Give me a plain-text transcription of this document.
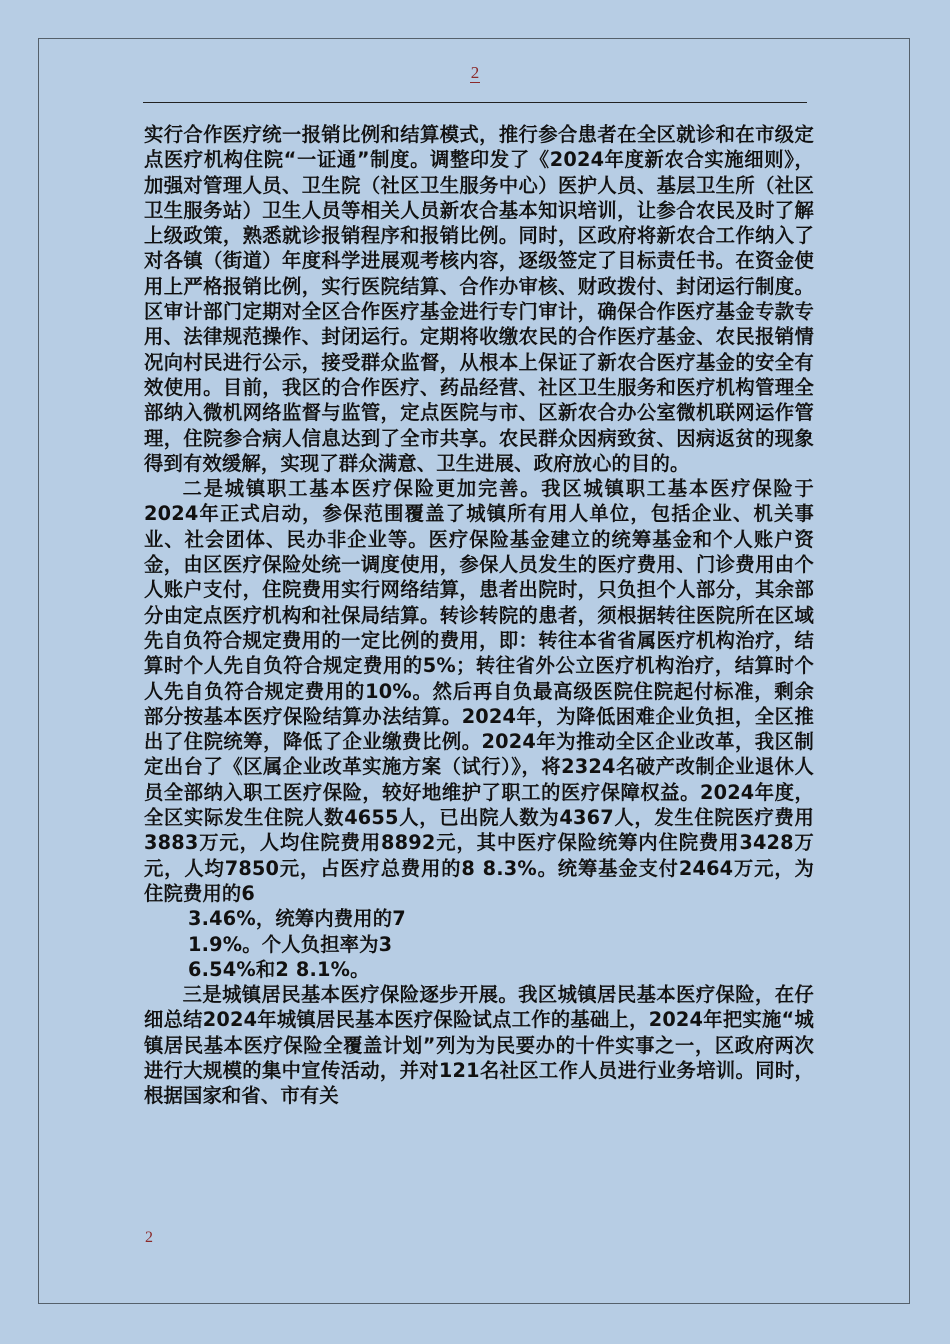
2

实行合作医疗统一报销比例和结算模式，推行参合患者在全区就诊和在市级定点医疗机构住院“一证通”制度。调整印发了《2024年度新农合实施细则》，加强对管理人员、卫生院（社区卫生服务中心）医护人员、基层卫生所（社区卫生服务站）卫生人员等相关人员新农合基本知识培训，让参合农民及时了解上级政策，熟悉就诊报销程序和报销比例。同时，区政府将新农合工作纳入了对各镇（街道）年度科学进展观考核内容，逐级签定了目标责任书。在资金使用上严格报销比例，实行医院结算、合作办审核、财政拨付、封闭运行制度。区审计部门定期对全区合作医疗基金进行专门审计，确保合作医疗基金专款专用、法律规范操作、封闭运行。定期将收缴农民的合作医疗基金、农民报销情况向村民进行公示，接受群众监督，从根本上保证了新农合医疗基金的安全有效使用。目前，我区的合作医疗、药品经营、社区卫生服务和医疗机构管理全部纳入微机网络监督与监管，定点医院与市、区新农合办公室微机联网运作管理，住院参合病人信息达到了全市共享。农民群众因病致贫、因病返贫的现象得到有效缓解，实现了群众满意、卫生进展、政府放心的目的。

二是城镇职工基本医疗保险更加完善。我区城镇职工基本医疗保险于2024年正式启动，参保范围覆盖了城镇所有用人单位，包括企业、机关事业、社会团体、民办非企业等。医疗保险基金建立的统筹基金和个人账户资金，由区医疗保险处统一调度使用，参保人员发生的医疗费用、门诊费用由个人账户支付，住院费用实行网络结算，患者出院时，只负担个人部分，其余部分由定点医疗机构和社保局结算。转诊转院的患者，须根据转往医院所在区域先自负符合规定费用的一定比例的费用，即：转往本省省属医疗机构治疗，结算时个人先自负符合规定费用的5%；转往省外公立医疗机构治疗，结算时个人先自负符合规定费用的10%。然后再自负最高级医院住院起付标准，剩余部分按基本医疗保险结算办法结算。2024年，为降低困难企业负担，全区推出了住院统筹，降低了企业缴费比例。2024年为推动全区企业改革，我区制定出台了《区属企业改革实施方案（试行）》，将2324名破产改制企业退休人员全部纳入职工医疗保险，较好地维护了职工的医疗保障权益。2024年度，全区实际发生住院人数4655人，已出院人数为4367人，发生住院医疗费用3883万元，人均住院费用8892元，其中医疗保险统筹内住院费用3428万元，人均7850元，占医疗总费用的8 8.3%。统筹基金支付2464万元，为住院费用的6

3.46%，统筹内费用的7

1.9%。个人负担率为3

6.54%和2 8.1%。

三是城镇居民基本医疗保险逐步开展。我区城镇居民基本医疗保险，在仔细总结2024年城镇居民基本医疗保险试点工作的基础上，2024年把实施“城镇居民基本医疗保险全覆盖计划”列为为民要办的十件实事之一，区政府两次进行大规模的集中宣传活动，并对121名社区工作人员进行业务培训。同时，根据国家和省、市有关

2
